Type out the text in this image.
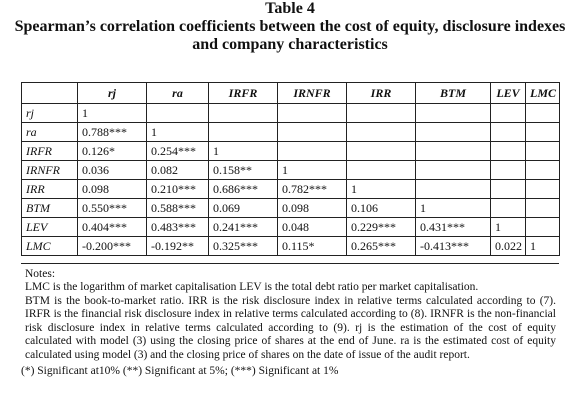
Table 4
Spearman’s correlation coefficients between the cost of equity, disclosure indexes
and company characteristics
	rj	ra	IRFR	IRNFR	IRR	BTM	LEV	LMC
rj	1							
ra	0.788***	1						
IRFR	0.126*	0.254***	1					
IRNFR	0.036	0.082	0.158**	1				
IRR	0.098	0.210***	0.686***	0.782***	1			
BTM	0.550***	0.588***	0.069	0.098	0.106	1		
LEV	0.404***	0.483***	0.241***	0.048	0.229***	0.431***	1	
LMC	-0.200***	-0.192**	0.325***	0.115*	0.265***	-0.413***	0.022	1
Notes:

LMC is the logarithm of market capitalisation LEV is the total debt ratio per market capitalisation.
BTM is the book-to-market ratio. IRR is the risk disclosure index in relative terms calculated according to (7). IRFR is the financial risk disclosure index in relative terms calculated according to (8). IRNFR is the non-financial risk disclosure index in relative terms calculated according to (9). rj is the estimation of the cost of equity calculated with model (3) using the closing price of shares at the end of June. ra is the estimated cost of equity calculated using model (3) and the closing price of shares on the date of issue of the audit report.

(*) Significant at10% (**) Significant at 5%; (***) Significant at 1%
